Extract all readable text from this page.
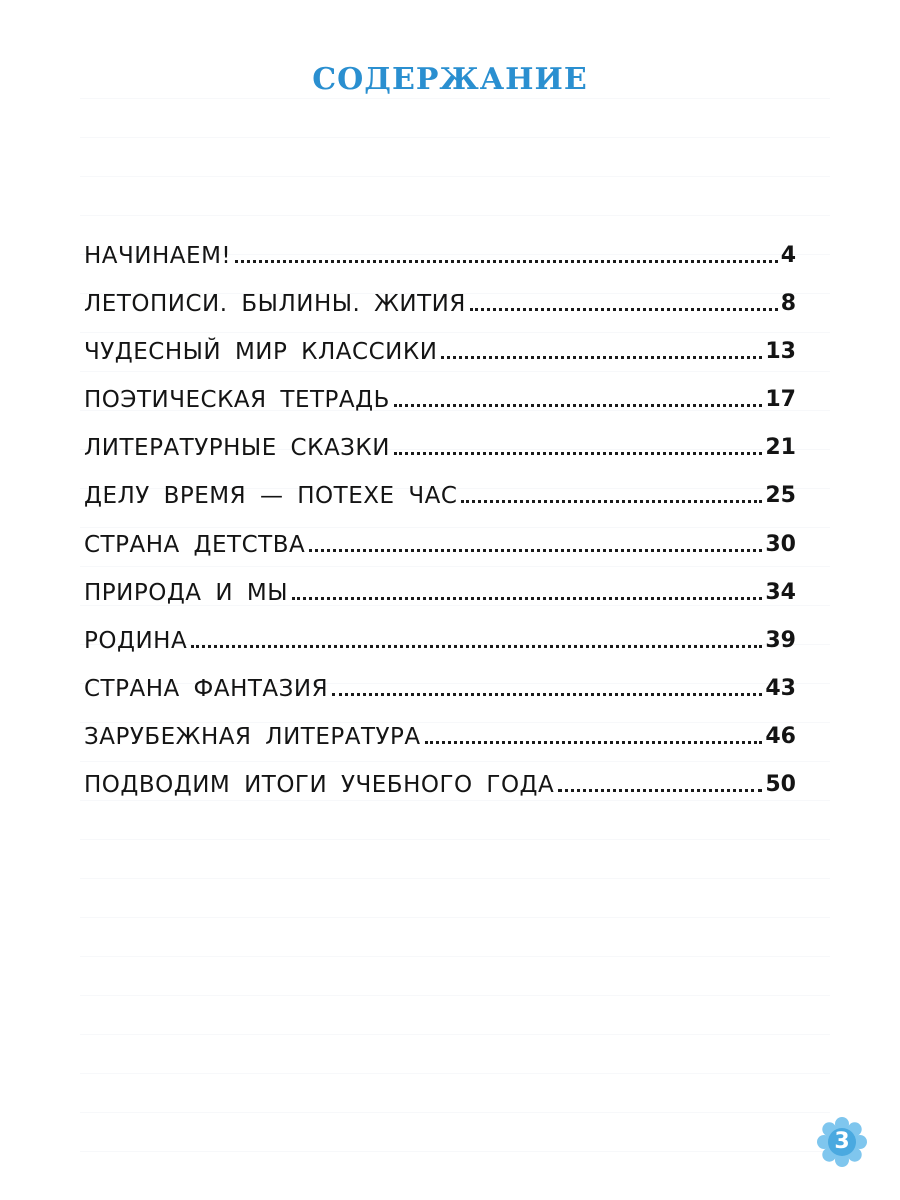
СОДЕРЖАНИЕ
НАЧИНАЕМ!	4
ЛЕТОПИСИ. БЫЛИНЫ. ЖИТИЯ	8
ЧУДЕСНЫЙ МИР КЛАССИКИ	13
ПОЭТИЧЕСКАЯ ТЕТРАДЬ	17
ЛИТЕРАТУРНЫЕ СКАЗКИ	21
ДЕЛУ ВРЕМЯ — ПОТЕХЕ ЧАС	25
СТРАНА ДЕТСТВА	30
ПРИРОДА И МЫ	34
РОДИНА	39
СТРАНА ФАНТАЗИЯ	43
ЗАРУБЕЖНАЯ ЛИТЕРАТУРА	46
ПОДВОДИМ ИТОГИ УЧЕБНОГО ГОДА	50
3
